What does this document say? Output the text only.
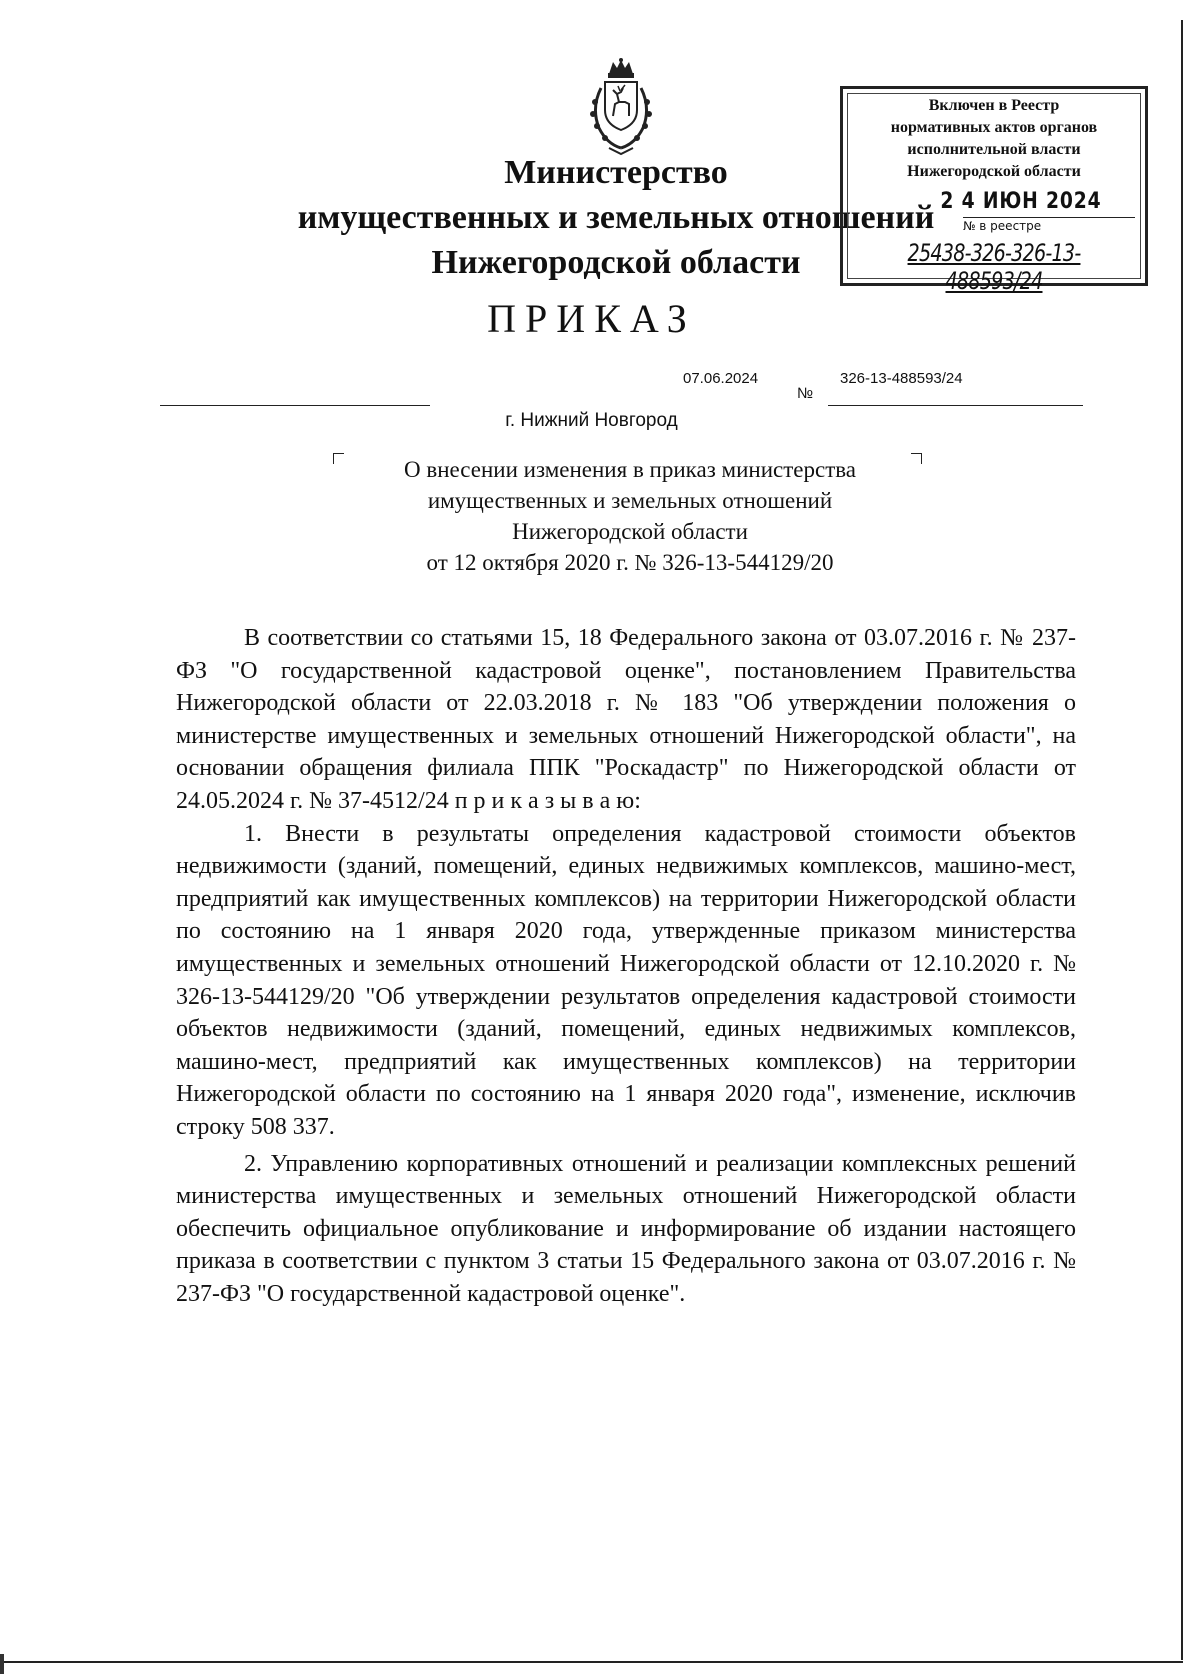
Министерство
имущественных и земельных отношений
Нижегородской области
Включен в Реестр
нормативных актов органов
исполнительной власти
Нижегородской области
2 4 ИЮН 2024
№ в реестре
25438-326-326-13-488593/24
ПРИКАЗ
07.06.2024
№
326-13-488593/24
г. Нижний Новгород
О внесении изменения в приказ министерства
имущественных и земельных отношений
Нижегородской области
от 12 октября 2020 г. № 326-13-544129/20

В соответствии со статьями 15, 18 Федерального закона от 03.07.2016 г. № 237-ФЗ "О государственной кадастровой оценке", постановлением Правительства Нижегородской области от 22.03.2018 г. № 183 "Об утверждении положения о министерстве имущественных и земельных отношений Нижегородской области", на основании обращения филиала ППК "Роскадастр" по Нижегородской области от 24.05.2024 г. № 37-4512/24 п р и к а з ы в а ю:

1. Внести в результаты определения кадастровой стоимости объектов недвижимости (зданий, помещений, единых недвижимых комплексов, машино-мест, предприятий как имущественных комплексов) на территории Нижегородской области по состоянию на 1 января 2020 года, утвержденные приказом министерства имущественных и земельных отношений Нижегородской области от 12.10.2020 г. № 326-13-544129/20 "Об утверждении результатов определения кадастровой стоимости объектов недвижимости (зданий, помещений, единых недвижимых комплексов, машино-мест, предприятий как имущественных комплексов) на территории Нижегородской области по состоянию на 1 января 2020 года", изменение, исключив строку 508 337.

2. Управлению корпоративных отношений и реализации комплексных решений министерства имущественных и земельных отношений Нижегородской области обеспечить официальное опубликование и информирование об издании настоящего приказа в соответствии с пунктом 3 статьи 15 Федерального закона от 03.07.2016 г. № 237-ФЗ "О государственной кадастровой оценке".
